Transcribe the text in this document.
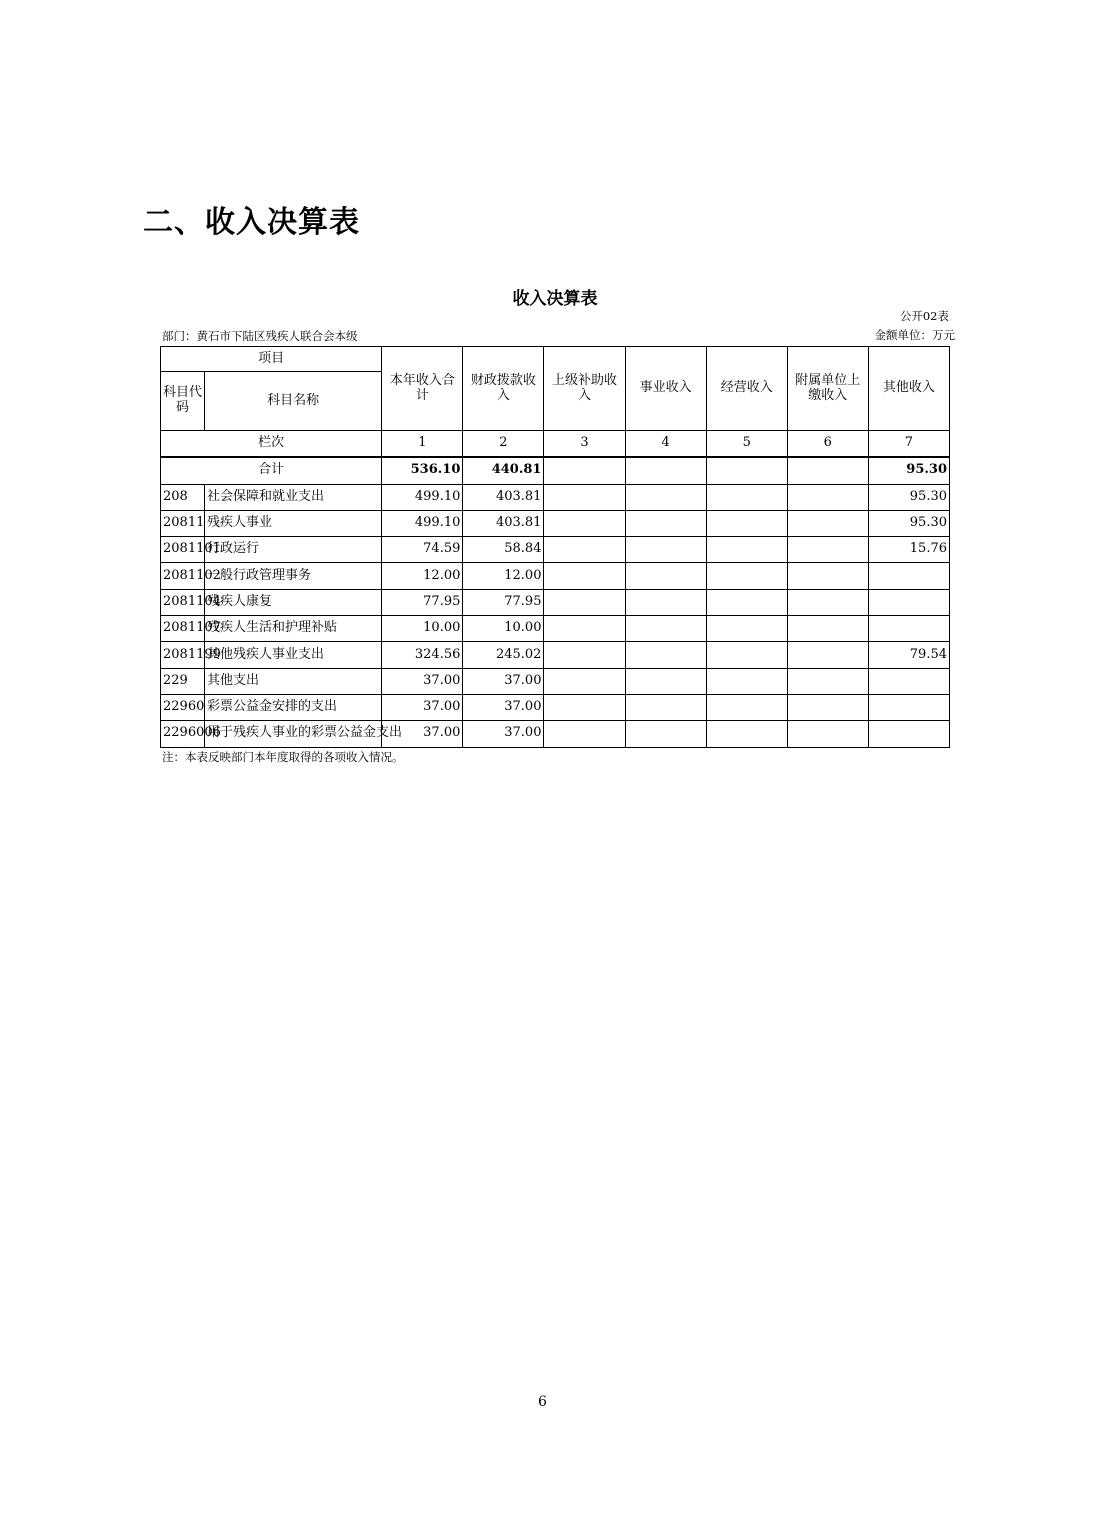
二、收入决算表
收入决算表
公开02表
部门：黄石市下陆区残疾人联合会本级	金额单位：万元
项目		本年收入合计	财政拨款收入	上级补助收入	事业收入	经营收入	附属单位上缴收入	其他收入
科目代码	科目名称							
栏次		1	2	3	4	5	6	7
合计		536.10	440.81					95.30
208	社会保障和就业支出	499.10	403.81					95.30
20811	残疾人事业	499.10	403.81					95.30
2081101	行政运行	74.59	58.84					15.76
2081102	一般行政管理事务	12.00	12.00					
2081104	残疾人康复	77.95	77.95					
2081107	残疾人生活和护理补贴	10.00	10.00					
2081199	其他残疾人事业支出	324.56	245.02					79.54
229	其他支出	37.00	37.00					
22960	彩票公益金安排的支出	37.00	37.00					
2296006	用于残疾人事业的彩票公益金支出	37.00	37.00					
注：本表反映部门本年度取得的各项收入情况。
6
